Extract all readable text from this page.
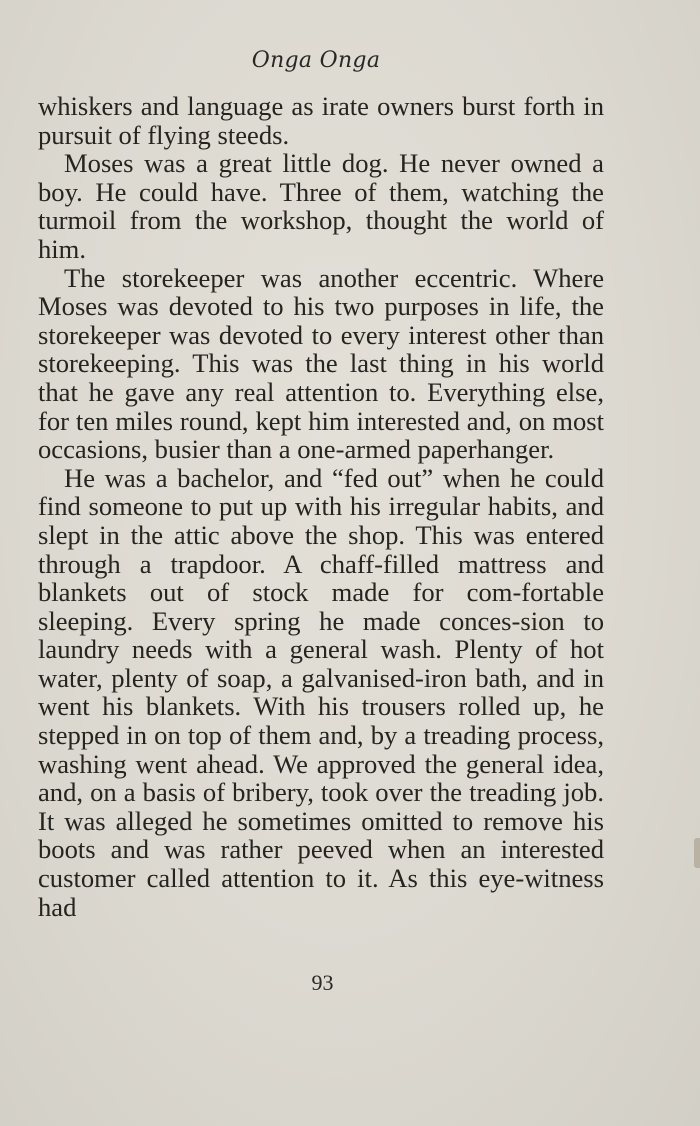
Onga Onga

whiskers and language as irate owners burst forth in pursuit of flying steeds.

Moses was a great little dog. He never owned a boy. He could have. Three of them, watching the turmoil from the workshop, thought the world of him.

The storekeeper was another eccentric. Where Moses was devoted to his two purposes in life, the storekeeper was devoted to every interest other than storekeeping. This was the last thing in his world that he gave any real attention to. Everything else, for ten miles round, kept him interested and, on most occasions, busier than a one-armed paperhanger.

He was a bachelor, and “fed out” when he could find someone to put up with his irregular habits, and slept in the attic above the shop. This was entered through a trapdoor. A chaff-filled mattress and blankets out of stock made for com-fortable sleeping. Every spring he made conces-sion to laundry needs with a general wash. Plenty of hot water, plenty of soap, a galvanised-iron bath, and in went his blankets. With his trousers rolled up, he stepped in on top of them and, by a treading process, washing went ahead. We approved the general idea, and, on a basis of bribery, took over the treading job. It was alleged he sometimes omitted to remove his boots and was rather peeved when an interested customer called attention to it. As this eye-witness had

93
